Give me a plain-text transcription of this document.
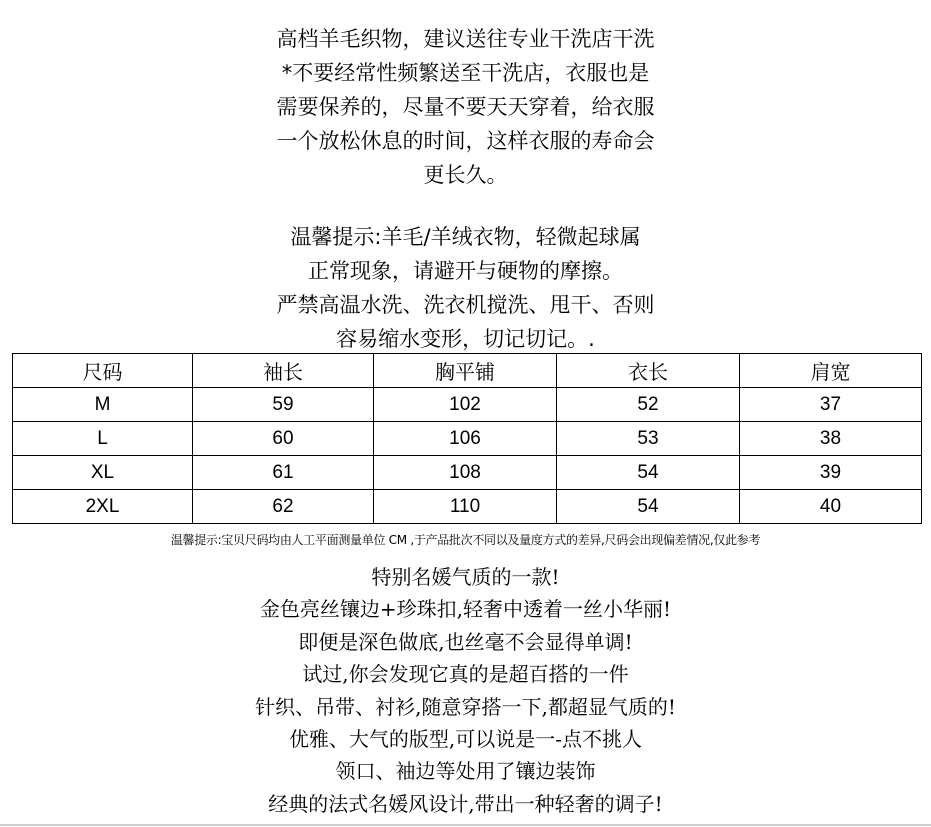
高档羊毛织物，建议送往专业干洗店干洗
*不要经常性频繁送至干洗店，衣服也是
需要保养的，尽量不要天天穿着，给衣服
一个放松休息的时间，这样衣服的寿命会
更长久。
温馨提示:羊毛/羊绒衣物，轻微起球属
正常现象，请避开与硬物的摩擦。
严禁高温水洗、洗衣机搅洗、甩干、否则
容易缩水变形，切记切记。.
尺码	袖长	胸平铺	衣长	肩宽
M	59	102	52	37
L	60	106	53	38
XL	61	108	54	39
2XL	62	110	54	40
温馨提示:宝贝尺码均由人工平面测量单位 CM ,于产品批次不同以及量度方式的差异,尺码会出现偏差情况,仅此参考
特别名媛气质的一款!
金色亮丝镶边+珍珠扣,轻奢中透着一丝小华丽!
即便是深色做底,也丝毫不会显得单调!
试过,你会发现它真的是超百搭的一件
针织、吊带、衬衫,随意穿搭一下,都超显气质的!
优雅、大气的版型,可以说是一-点不挑人
领口、袖边等处用了镶边装饰
经典的法式名媛风设计,带出一种轻奢的调子!
